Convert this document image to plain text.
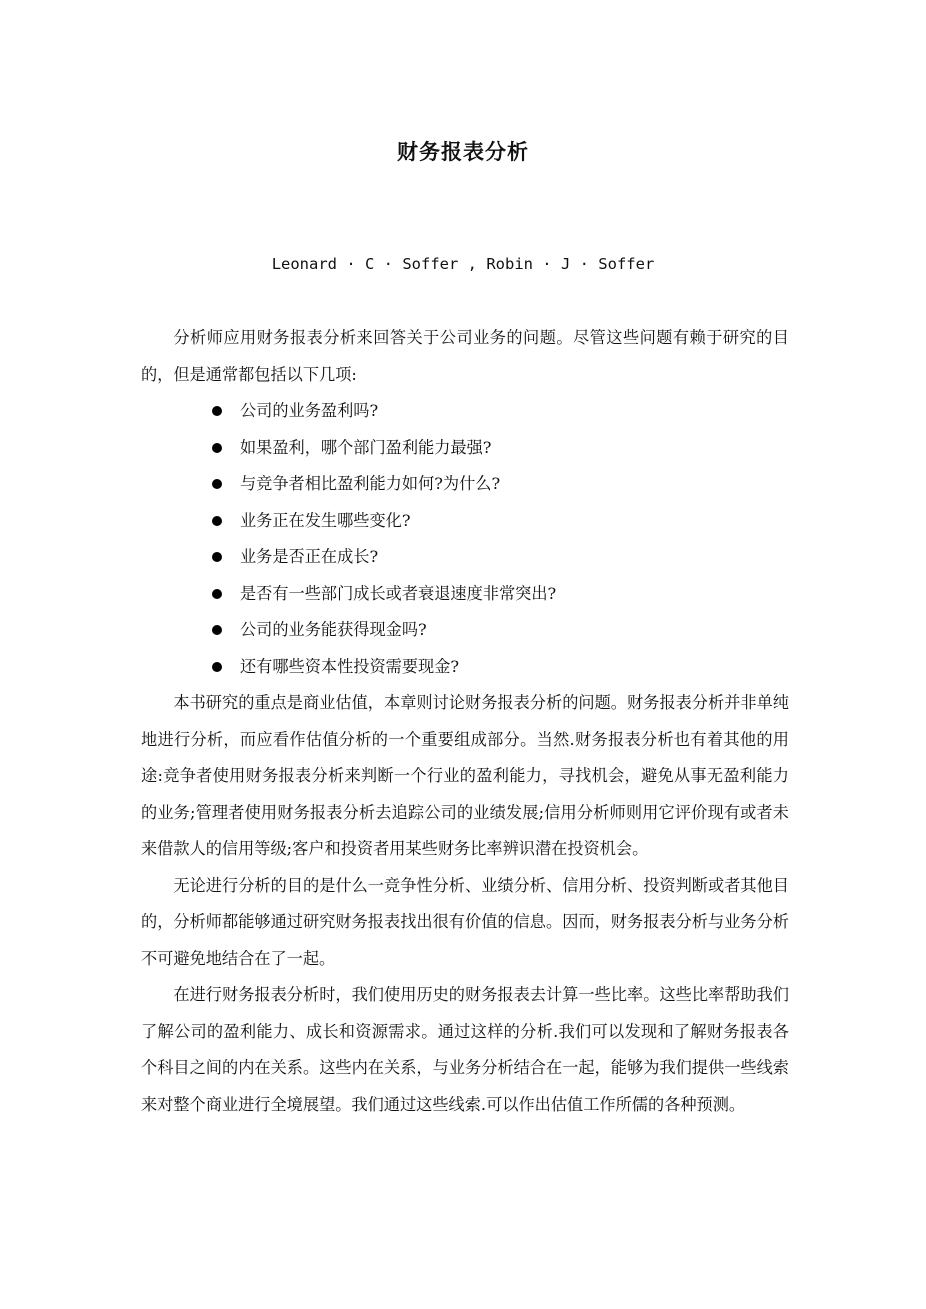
财务报表分析
Leonard · C · Soffer , Robin · J · Soffer

分析师应用财务报表分析来回答关于公司业务的问题。尽管这些问题有赖于研究的目的，但是通常都包括以下几项:

公司的业务盈利吗?
如果盈利，哪个部门盈利能力最强?
与竞争者相比盈利能力如何?为什么?
业务正在发生哪些变化?
业务是否正在成长?
是否有一些部门成长或者衰退速度非常突出?
公司的业务能获得现金吗?
还有哪些资本性投资需要现金?

本书研究的重点是商业估值，本章则讨论财务报表分析的问题。财务报表分析并非单纯地进行分析，而应看作估值分析的一个重要组成部分。当然.财务报表分析也有着其他的用途:竞争者使用财务报表分析来判断一个行业的盈利能力，寻找机会，避免从事无盈利能力的业务;管理者使用财务报表分析去追踪公司的业绩发展;信用分析师则用它评价现有或者未来借款人的信用等级;客户和投资者用某些财务比率辨识潜在投资机会。

无论进行分析的目的是什么一竞争性分析、业绩分析、信用分析、投资判断或者其他目的，分析师都能够通过研究财务报表找出很有价值的信息。因而，财务报表分析与业务分析不可避免地结合在了一起。

在进行财务报表分析时，我们使用历史的财务报表去计算一些比率。这些比率帮助我们了解公司的盈利能力、成长和资源需求。通过这样的分析.我们可以发现和了解财务报表各个科目之间的内在关系。这些内在关系，与业务分析结合在一起，能够为我们提供一些线索来对整个商业进行全境展望。我们通过这些线索.可以作出估值工作所儒的各种预测。
